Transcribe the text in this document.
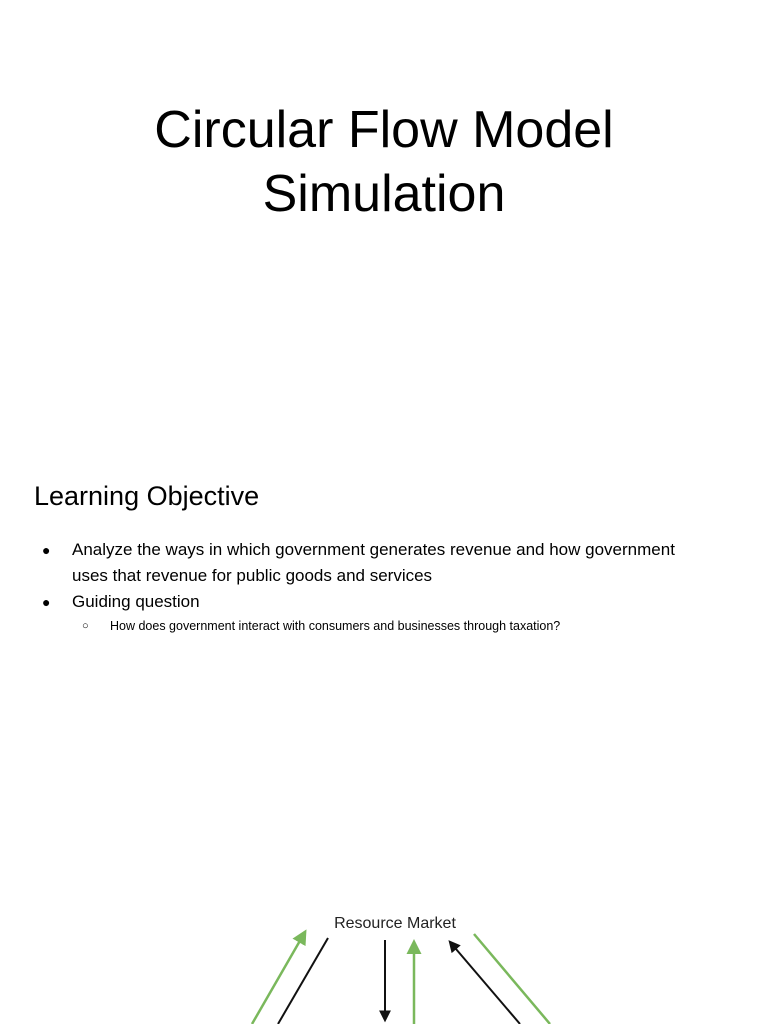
Circular Flow Model
Simulation
Learning Objective
● Analyze the ways in which government generates revenue and how government uses that revenue for public goods and services
● Guiding question
○ How does government interact with consumers and businesses through taxation?
Resource Market
